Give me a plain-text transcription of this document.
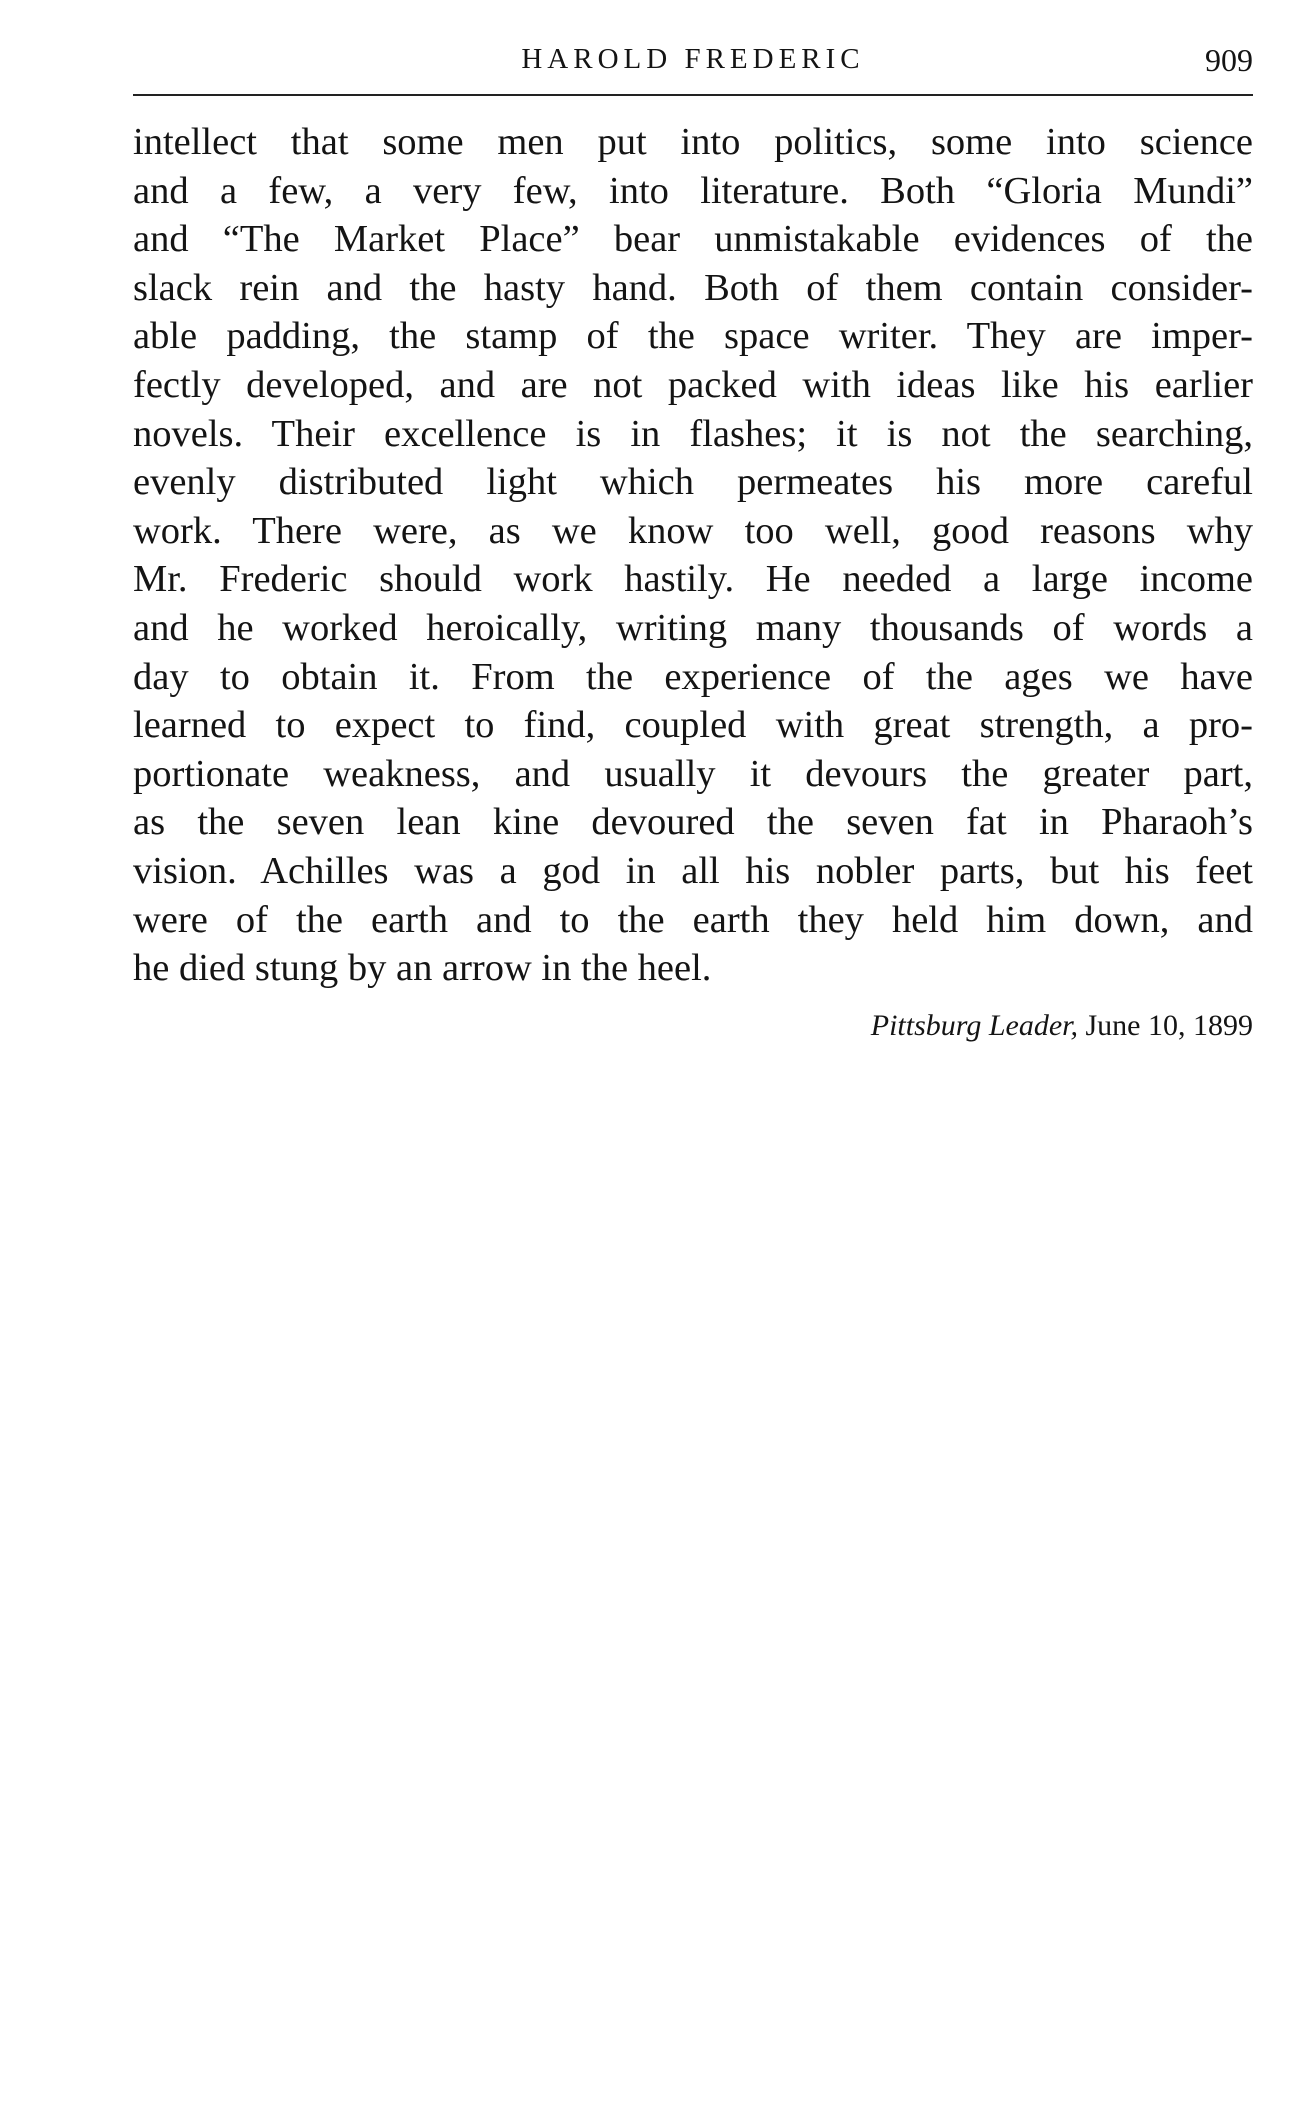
HAROLD FREDERIC	909
intellect that some men put into politics, some into science
and a few, a very few, into literature. Both “Gloria Mundi”
and “The Market Place” bear unmistakable evidences of the
slack rein and the hasty hand. Both of them contain consider-
able padding, the stamp of the space writer. They are imper-
fectly developed, and are not packed with ideas like his earlier
novels. Their excellence is in flashes; it is not the searching,
evenly distributed light which permeates his more careful
work. There were, as we know too well, good reasons why
Mr. Frederic should work hastily. He needed a large income
and he worked heroically, writing many thousands of words a
day to obtain it. From the experience of the ages we have
learned to expect to find, coupled with great strength, a pro-
portionate weakness, and usually it devours the greater part,
as the seven lean kine devoured the seven fat in Pharaoh’s
vision. Achilles was a god in all his nobler parts, but his feet
were of the earth and to the earth they held him down, and
he died stung by an arrow in the heel.
Pittsburg Leader, June 10, 1899
